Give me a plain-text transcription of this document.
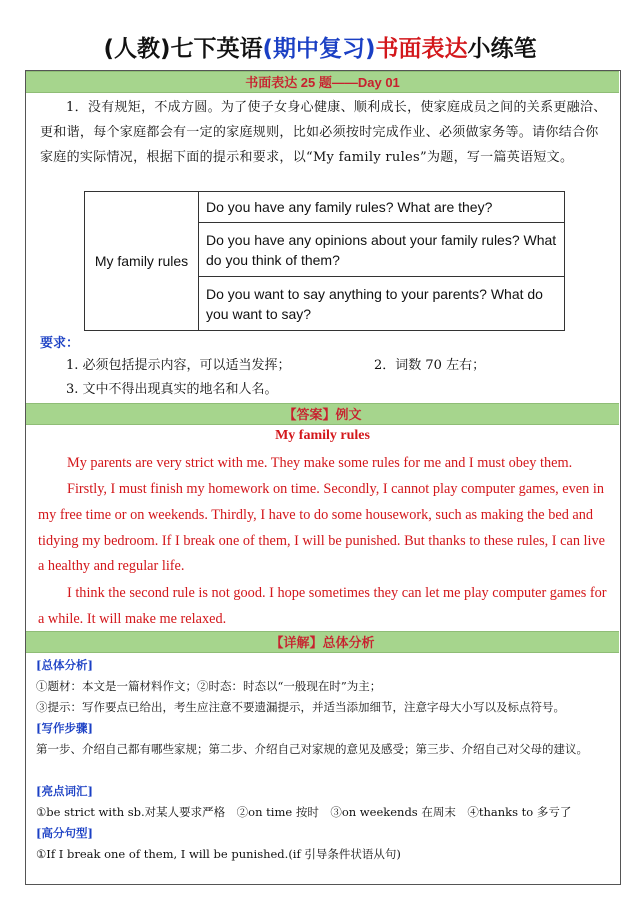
(人教)七下英语(期中复习)书面表达小练笔
书面表达 25 题——Day 01
1．没有规矩，不成方圆。为了使子女身心健康、顺利成长，使家庭成员之间的关系更融洽、更和谐，每个家庭都会有一定的家庭规则，比如必须按时完成作业、必须做家务等。请你结合你家庭的实际情况，根据下面的提示和要求，以“My family rules”为题，写一篇英语短文。
My family rules	Do you have any family rules? What are they?
Do you have any opinions about your family rules? What do you think of them?
Do you want to say anything to your parents? What do you want to say?
要求：
1. 必须包括提示内容，可以适当发挥；	2．词数 70 左右；
3. 文中不得出现真实的地名和人名。
【答案】例文
My family rules
My parents are very strict with me. They make some rules for me and I must obey them.
Firstly, I must finish my homework on time. Secondly, I cannot play computer games, even in my free time or on weekends. Thirdly, I have to do some housework, such as making the bed and tidying my bedroom. If I break one of them, I will be punished. But thanks to these rules, I can live a healthy and regular life.
I think the second rule is not good. I hope sometimes they can let me play computer games for a while. It will make me relaxed.
【详解】总体分析
[总体分析]
①题材：本文是一篇材料作文；②时态：时态以“一般现在时”为主；
③提示：写作要点已给出，考生应注意不要遗漏提示，并适当添加细节，注意字母大小写以及标点符号。
[写作步骤]
第一步、介绍自己都有哪些家规；第二步、介绍自己对家规的意见及感受；第三步、介绍自己对父母的建议。
[亮点词汇]
①be strict with sb.对某人要求严格　②on time 按时　③on weekends 在周末　④thanks to 多亏了
[高分句型]
①If I break one of them, I will be punished.(if 引导条件状语从句)
